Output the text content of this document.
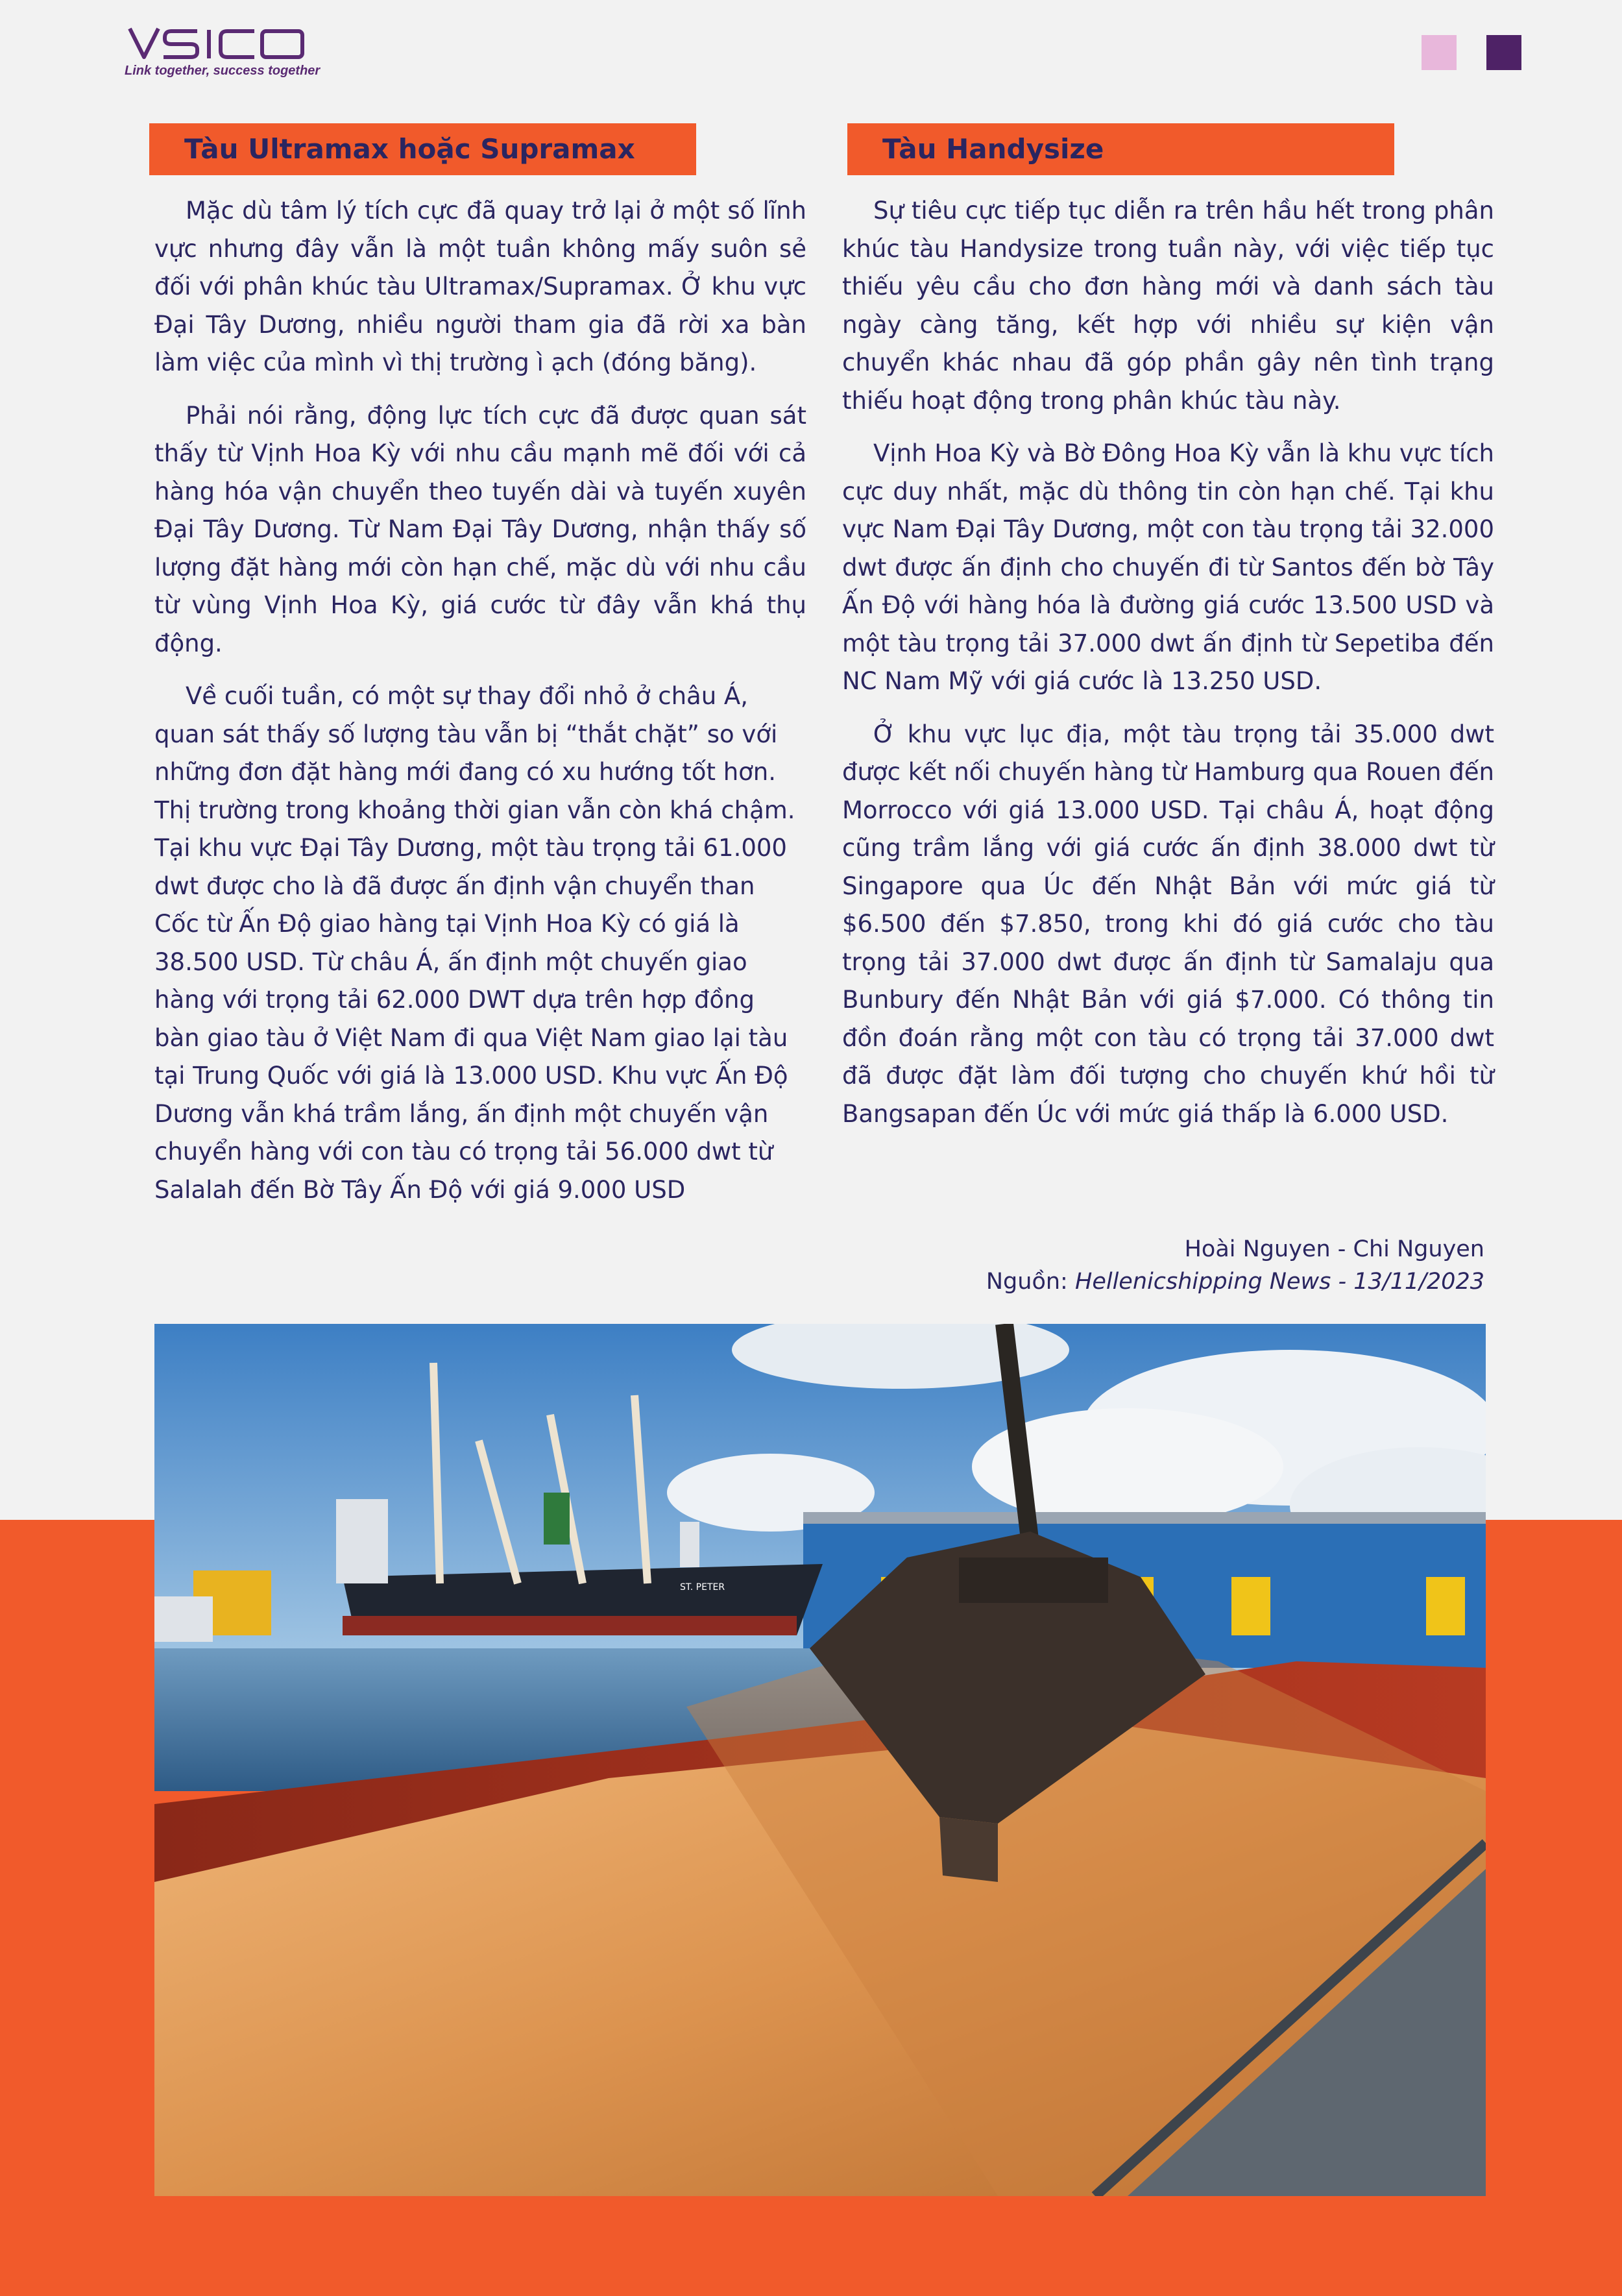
VSICO
Link together, success together
Tàu Ultramax hoặc Supramax	Tàu Handysize

Mặc dù tâm lý tích cực đã quay trở lại ở một số lĩnh vực nhưng đây vẫn là một tuần không mấy suôn sẻ đối với phân khúc tàu Ultramax/Supramax. Ở khu vực Đại Tây Dương, nhiều người tham gia đã rời xa bàn làm việc của mình vì thị trường ì ạch (đóng băng).

Phải nói rằng, động lực tích cực đã được quan sát thấy từ Vịnh Hoa Kỳ với nhu cầu mạnh mẽ đối với cả hàng hóa vận chuyển theo tuyến dài và tuyến xuyên Đại Tây Dương. Từ Nam Đại Tây Dương, nhận thấy số lượng đặt hàng mới còn hạn chế, mặc dù với nhu cầu từ vùng Vịnh Hoa Kỳ, giá cước từ đây vẫn khá thụ động.

Về cuối tuần, có một sự thay đổi nhỏ ở châu Á, quan sát thấy số lượng tàu vẫn bị “thắt chặt” so với những đơn đặt hàng mới đang có xu hướng tốt hơn. Thị trường trong khoảng thời gian vẫn còn khá chậm. Tại khu vực Đại Tây Dương, một tàu trọng tải 61.000 dwt được cho là đã được ấn định vận chuyển than Cốc từ Ấn Độ giao hàng tại Vịnh Hoa Kỳ có giá là 38.500 USD. Từ châu Á, ấn định một chuyến giao hàng với trọng tải 62.000 DWT dựa trên hợp đồng bàn giao tàu ở Việt Nam đi qua Việt Nam giao lại tàu tại Trung Quốc với giá là 13.000 USD. Khu vực Ấn Độ Dương vẫn khá trầm lắng, ấn định một chuyến vận chuyển hàng với con tàu có trọng tải 56.000 dwt từ Salalah đến Bờ Tây Ấn Độ với giá 9.000 USD

Sự tiêu cực tiếp tục diễn ra trên hầu hết trong phân khúc tàu Handysize trong tuần này, với việc tiếp tục thiếu yêu cầu cho đơn hàng mới và danh sách tàu ngày càng tăng, kết hợp với nhiều sự kiện vận chuyển khác nhau đã góp phần gây nên tình trạng thiếu hoạt động trong phân khúc tàu này.

Vịnh Hoa Kỳ và Bờ Đông Hoa Kỳ vẫn là khu vực tích cực duy nhất, mặc dù thông tin còn hạn chế. Tại khu vực Nam Đại Tây Dương, một con tàu trọng tải 32.000 dwt được ấn định cho chuyến đi từ Santos đến bờ Tây Ấn Độ với hàng hóa là đường giá cước 13.500 USD và một tàu trọng tải 37.000 dwt ấn định từ Sepetiba đến NC Nam Mỹ với giá cước là 13.250 USD.

Ở khu vực lục địa, một tàu trọng tải 35.000 dwt được kết nối chuyến hàng từ Hamburg qua Rouen đến Morrocco với giá 13.000 USD. Tại châu Á, hoạt động cũng trầm lắng với giá cước ấn định 38.000 dwt từ Singapore qua Úc đến Nhật Bản với mức giá từ $6.500 đến $7.850, trong khi đó giá cước cho tàu trọng tải 37.000 dwt được ấn định từ Samalaju qua Bunbury đến Nhật Bản với giá $7.000. Có thông tin đồn đoán rằng một con tàu có trọng tải 37.000 dwt đã được đặt làm đối tượng cho chuyến khứ hồi từ Bangsapan đến Úc với mức giá thấp là 6.000 USD.

Hoài Nguyen - Chi Nguyen
Nguồn: Hellenicshipping News - 13/11/2023
ST. PETER
